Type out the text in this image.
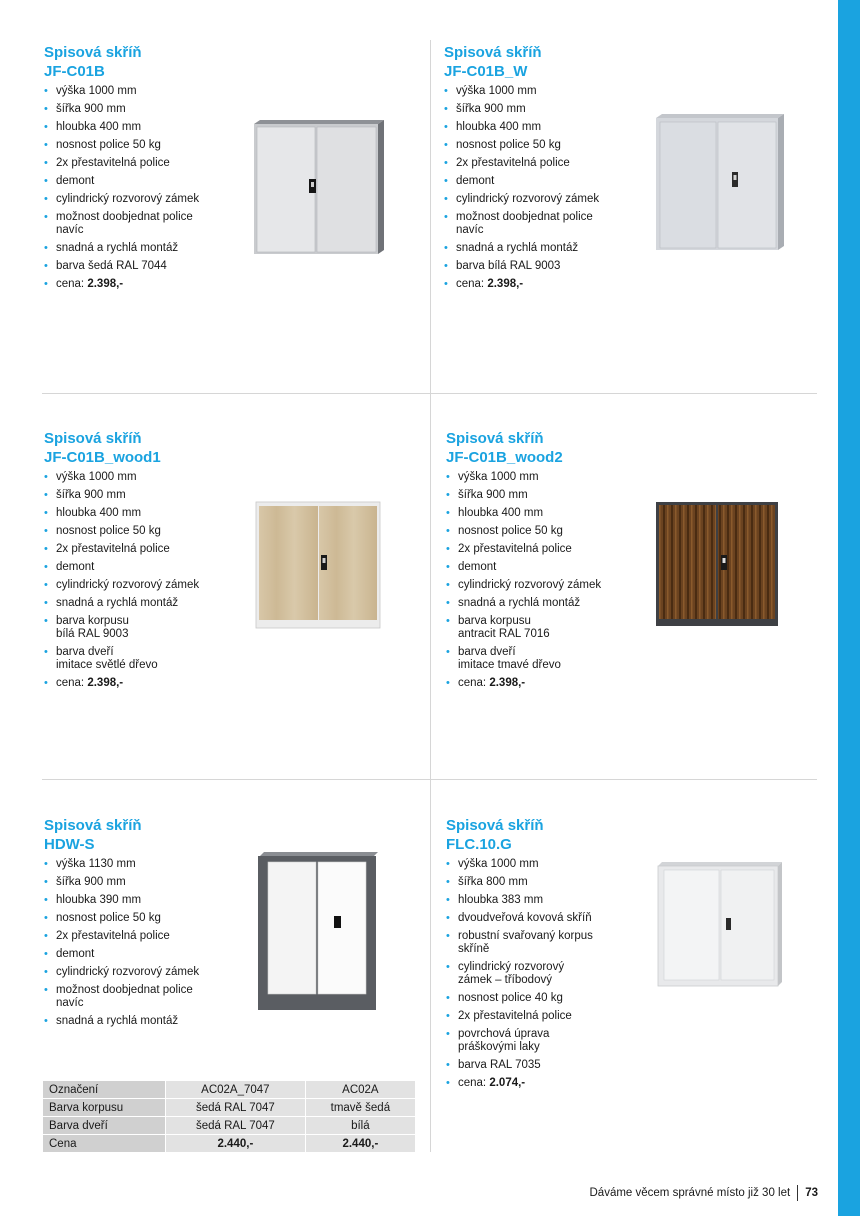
Spisová skříň
JF-C01B
• výška 1000 mm
• šířka 900 mm
• hloubka 400 mm
• nosnost police 50 kg
• 2x přestavitelná police
• demont
• cylindrický rozvorový zámek
• možnost doobjednat police
navíc
• snadná a rychlá montáž
• barva šedá RAL 7044
• cena: 2.398,-
Spisová skříň
JF-C01B_W
• výška 1000 mm
• šířka 900 mm
• hloubka 400 mm
• nosnost police 50 kg
• 2x přestavitelná police
• demont
• cylindrický rozvorový zámek
• možnost doobjednat police
navíc
• snadná a rychlá montáž
• barva bílá RAL 9003
• cena: 2.398,-
Spisová skříň
JF-C01B_wood1
• výška 1000 mm
• šířka 900 mm
• hloubka 400 mm
• nosnost police 50 kg
• 2x přestavitelná police
• demont
• cylindrický rozvorový zámek
• snadná a rychlá montáž
• barva korpusu
bílá RAL 9003
• barva dveří
imitace světlé dřevo
• cena: 2.398,-
Spisová skříň
JF-C01B_wood2
• výška 1000 mm
• šířka 900 mm
• hloubka 400 mm
• nosnost police 50 kg
• 2x přestavitelná police
• demont
• cylindrický rozvorový zámek
• snadná a rychlá montáž
• barva korpusu
antracit RAL 7016
• barva dveří
imitace tmavé dřevo
• cena: 2.398,-
Spisová skříň
HDW-S
• výška 1130 mm
• šířka 900 mm
• hloubka 390 mm
• nosnost police 50 kg
• 2x přestavitelná police
• demont
• cylindrický rozvorový zámek
• možnost doobjednat police
navíc
• snadná a rychlá montáž
Spisová skříň
FLC.10.G
• výška 1000 mm
• šířka 800 mm
• hloubka 383 mm
• dvoudveřová kovová skříň
• robustní svařovaný korpus
skříně
• cylindrický rozvorový
zámek – tříbodový
• nosnost police 40 kg
• 2x přestavitelná police
• povrchová úprava
práškovými laky
• barva RAL 7035
• cena: 2.074,-
Označení	AC02A_7047	AC02A
Barva korpusu	šedá RAL 7047	tmavě šedá
Barva dveří	šedá RAL 7047	bílá
Cena	2.440,-	2.440,-
Dáváme věcem správné místo již 30 let 73
